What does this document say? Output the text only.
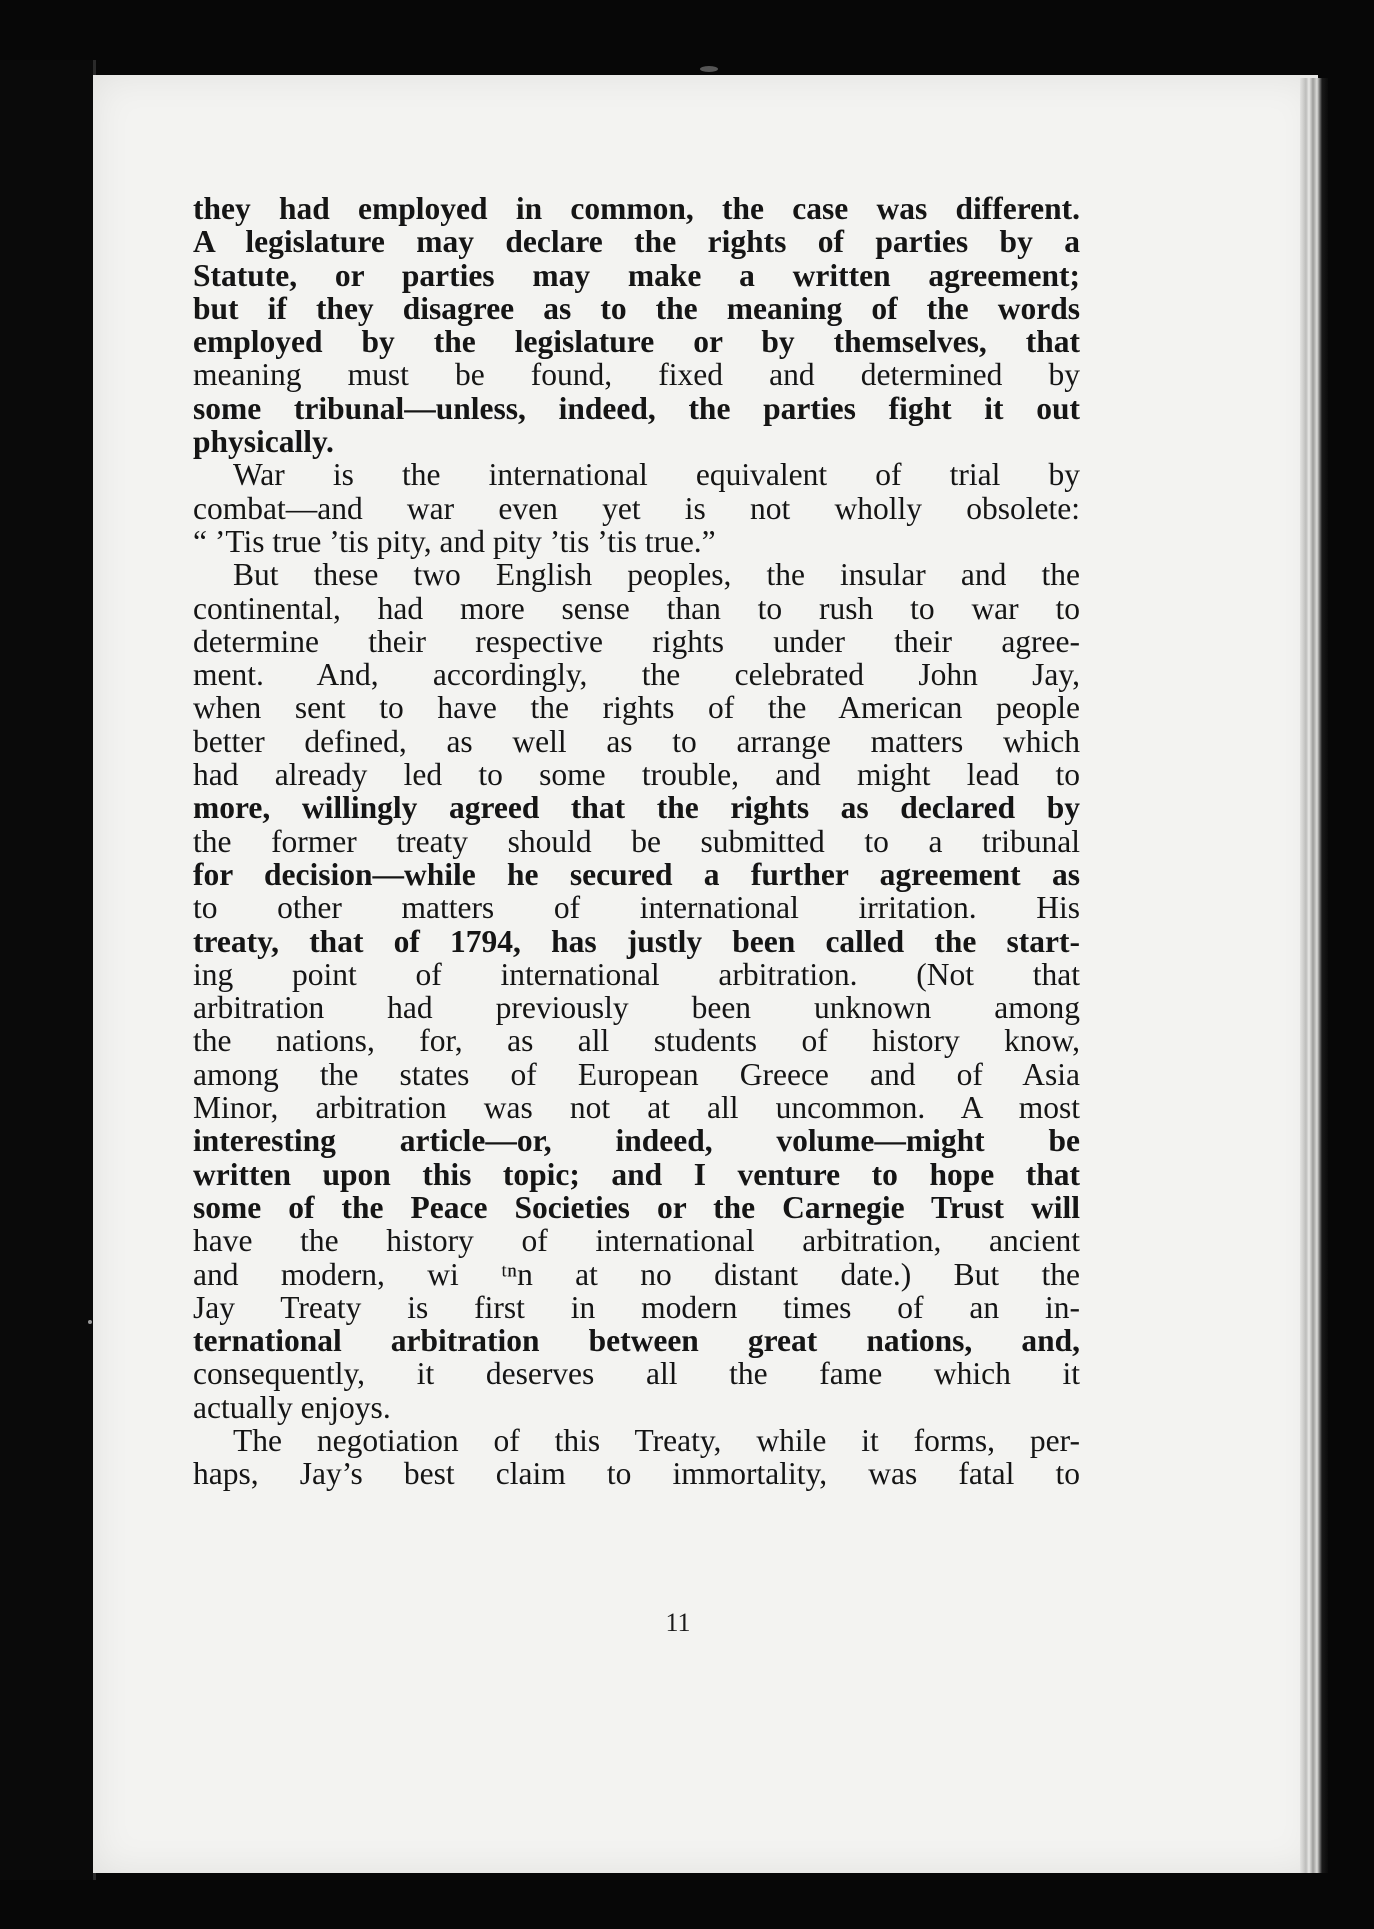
they had employed in common, the case was different.
A legislature may declare the rights of parties by a
Statute, or parties may make a written agreement;
but if they disagree as to the meaning of the words
employed by the legislature or by themselves, that
meaning must be found, fixed and determined by
some tribunal—unless, indeed, the parties fight it out
physically.
War is the international equivalent of trial by
combat—and war even yet is not wholly obsolete:
“ ’Tis true ’tis pity, and pity ’tis ’tis true.”
But these two English peoples, the insular and the
continental, had more sense than to rush to war to
determine their respective rights under their agree-
ment. And, accordingly, the celebrated John Jay,
when sent to have the rights of the American people
better defined, as well as to arrange matters which
had already led to some trouble, and might lead to
more, willingly agreed that the rights as declared by
the former treaty should be submitted to a tribunal
for decision—while he secured a further agreement as
to other matters of international irritation. His
treaty, that of 1794, has justly been called the start-
ing point of international arbitration. (Not that
arbitration had previously been unknown among
the nations, for, as all students of history know,
among the states of European Greece and of Asia
Minor, arbitration was not at all uncommon. A most
interesting article—or, indeed, volume—might be
written upon this topic; and I venture to hope that
some of the Peace Societies or the Carnegie Trust will
have the history of international arbitration, ancient
and modern, wi ᵗⁿn at no distant date.) But the
Jay Treaty is first in modern times of an in-
ternational arbitration between great nations, and,
consequently, it deserves all the fame which it
actually enjoys.
The negotiation of this Treaty, while it forms, per-
haps, Jay’s best claim to immortality, was fatal to
11
